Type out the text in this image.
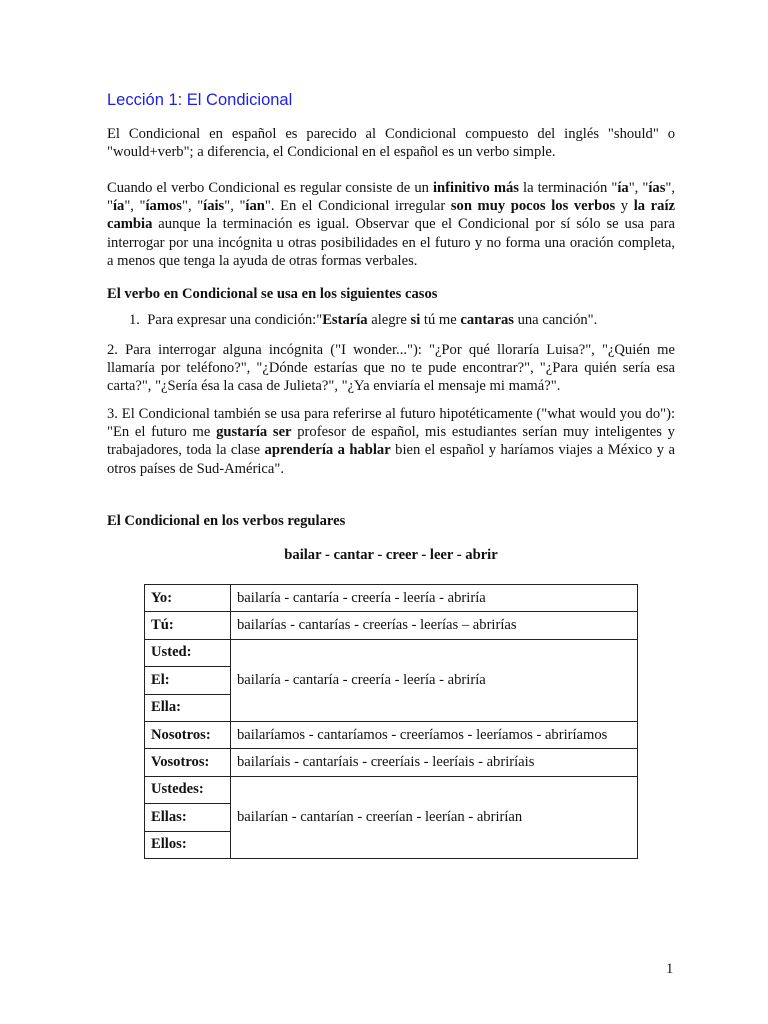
Lección 1: El Condicional

El Condicional en español es parecido al Condicional compuesto del inglés "should" o "would+verb"; a diferencia, el Condicional en el español es un verbo simple.

Cuando el verbo Condicional es regular consiste de un infinitivo más la terminación "ía", "ías", "ía", "íamos", "íais", "ían". En el Condicional irregular son muy pocos los verbos y la raíz cambia aunque la terminación es igual. Observar que el Condicional por sí sólo se usa para interrogar por una incógnita u otras posibilidades en el futuro y no forma una oración completa, a menos que tenga la ayuda de otras formas verbales.

El verbo en Condicional se usa en los siguientes casos

1. Para expresar una condición:"Estaría alegre si tú me cantaras una canción".

2. Para interrogar alguna incógnita ("I wonder..."): "¿Por qué lloraría Luisa?", "¿Quién me llamaría por teléfono?", "¿Dónde estarías que no te pude encontrar?", "¿Para quién sería esa carta?", "¿Sería ésa la casa de Julieta?", "¿Ya enviaría el mensaje mi mamá?".

3. El Condicional también se usa para referirse al futuro hipotéticamente ("what would you do"): "En el futuro me gustaría ser profesor de español, mis estudiantes serían muy inteligentes y trabajadores, toda la clase aprendería a hablar bien el español y haríamos viajes a México y a otros países de Sud-América".

El Condicional en los verbos regulares

bailar - cantar - creer - leer - abrir
Yo:	bailaría - cantaría - creería - leería - abriría
Tú:	bailarías - cantarías - creerías - leerías – abrirías
Usted:	bailaría - cantaría - creería - leería - abriría
El:	
Ella:	
Nosotros:	bailaríamos - cantaríamos - creeríamos - leeríamos - abriríamos
Vosotros:	bailaríais - cantaríais - creeríais - leeríais - abriríais
Ustedes:	bailarían - cantarían - creerían - leerían - abrirían
Ellas:	
Ellos:	
1
